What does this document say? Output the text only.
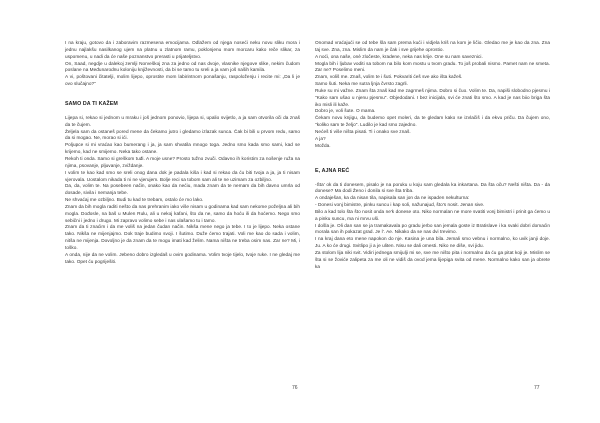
I na kraju, gotovo da i zaboravim razmesena emocijama. Odlažem od njega noseći neku novu sliku mora i jednu najlakšu nasilkanog ujem na platnu u zlatnom ramu, poklonjenu mom morcaru kako reče slikar, za uspomenu, u nadi da će naše poznanstvo prerasti u prijateljstvo.

On, Saad, negdje u dalekoj zemlji Norveškoj zna za jedno od nas dvoje, vlasnike njegove slike, nekim čudom poslane na Međunarodnu koloniju književnosti, da bi se tamo tu sreli a ja vam još naših kamila.

A vi, poštovani čitatelji, molim lijepo, oprostite mom labirintnom ponašanju, raspoloženju i recite mi: „Da li je ovo slučajno?"

SAMO DA TI KAŽEM

Lijepa si, rekao si jednom u mraku i još jednom ponovio, lijepa si, upalio svijetlo, a ja sam otvorila oči da znaš da te čujem.

Željela sam da ostaneš pored mene da čekamo jutro i gledamo izlazak sunca. Čak bi bili u prvom redu, samo da si mogao. Ne, morao si ići.

Poljupce si mi vraćao kao bumerang i ja, ja sam shvatila mnogo toga. Jedno smo kada smo sami, kad se krijemo, kad ne smijemo. Neka tako ostane.

Rekoh ti onda. Samo si greškom tuđi. A moje usne? Prosto tužno zvuči. Odavno ih koristim za nošenje ruža na njima, psovanje, pljuvanje, zviždanje.

I volim te kao kad smo se sreli onog dana dok je padala kiša i kad si rekao da ću biti tvoja a ja, ja ti nisam vjerovala. Uostalom nikada ti ni ne vjerujem. Bolje reci sa tobom sam ali te ne uzimam za ozbiljno.

Da, da, volim te. Na posebeen način, onako kao da nećiu, mada znam da te nemam da bih davno umrla od dosade, sivila i nemanja tebe.

Ne shvaćaj me ozbiljno. Budi tu kad te trebam, ostalo će mo lako.

Znam da bih mogla raditi nešto da nas prehranim iako više nisam u godinama kad sam nekome poželjna ali bih mogla. Dođosle, na baš u Mulen Rulu, ali u nekoj kafani, što da ne, samo da hoću ili da hoćemo. Nego smo sebični i jedno i drugo. Mi zapravo volimo sebe i nas ulašamo tu i tamo.

Znam da ti znaćim i da me voliš na jedan čudan način. Nikša mene nego ja tebe. I to je lijepo. Neka ostane tako. Nikša ne mijenjajmo. Dok traje budimo svoji. I šutimo. Duže ćemo trajati. Voli me kao do sada i volim, nitša ne mijenja. Dovoljno je da znam da te mogu imati kad želim. Nama ništa ne treba osim nas. Zar ne? Mi, i toško.

A onda, nije da ne volim. Jebeno dobro izgledaš u ovim godinama. Volim tvoje tijelo, tvoje ruke. I ne gledaj me tako. Opet ću pogriješiti.

Onomad vraćajući se od tebe šla sam prema kući i vidjela kriš na kom je ličio. Gledao me je kao da zna. Zna taj sve. Zna, zna. Mislim da nam je čak i sve grijehe oprostio.

A noći, ona naše, onè zločeste, kradene, neka nas krije. One su nam saveznici.

Mogla bih i ljubav voditi sa tobom na bilo kom mostu u tvom gradu. To još probali nismo. Pamet nam ne smeta. Zar ne? Poselimo meni.

Znam, voliš me. Znaš, volim te i šuti. Pokvariti ćeš sve ako išta kažeš.

Samo šuti. Neka me sutra ljnja čvrsto zagrli.

Ruke su mi važne. Znam šta znaš kad me zagrmeš njima. Dobro si čuo. Volim te. Da, napiši slobodno pjesmu i "Kako sam ušao u njenu pjesmu". Objedodani. I bez inicijala, svi će znati što smo. A kad je nas biio briga šta iko misli ili kaže.

Dobro je, voli šute. O mama.

Čekam novu knjigu, da budemo opet moleri, da te gledam kako se izvlačiš i da ekvu priču. Da čujem ono, "koliko sam te željo". Ludilo je kad smo zajedno.

Nećeš ti više ništa pisati. Ti i onako sve znaš.

A ja?

Možda.

E, AJNA REĆ

-Šta' ok da ti donesem, pisalo je na poruku u koju sam gledala ka inkartana. Da šta oču? Nešti ništa. Da - da donese? Ma dodi Ženo i donila si sve šta triba.

A ondaješan, ka da nisan tila, napisala san jon da ne ispaden nekulturna:

- Donesi vonj bimistre, pinku suncu i kap soli, nažunajud, što's nosit. Jenan sive.

Bilo a kad tolo šta što nosit onda ne'k donese oto. Niko normalan ne more svatiti vonj bimistri i prinit ga ćemo u a pinku suncu, ma ni mrvu uši.

I došla je. Oli dan san se ja tramakavala po gradu jerbo san jemala goste iz Bratislave i ka svaki dobri domaćin morala san ih pokazat grad. Je l'. Ae. Nikako da se nas dvi trevimo.

I na kraj dana eto mene napokon do nje. Kasina je una bila. Jemali smo vebnu i normalno, ko uvik janji doje. Ju. A ko će drugi. Svitlipo ji a je uliten. Nisu se dali omesti. Niko ne diše, svi jidu.

Za stolom lija niki svit. Vidiri jednega smijulji mi se, sve me ništo pita i normalno da ću ga pitat koji je. Mislim se šta si se žoviće zalipeta za me oli ne vidiš da ovod jema lijepiga svita od mene. Normalno kako san ja obrete ka

76	77
